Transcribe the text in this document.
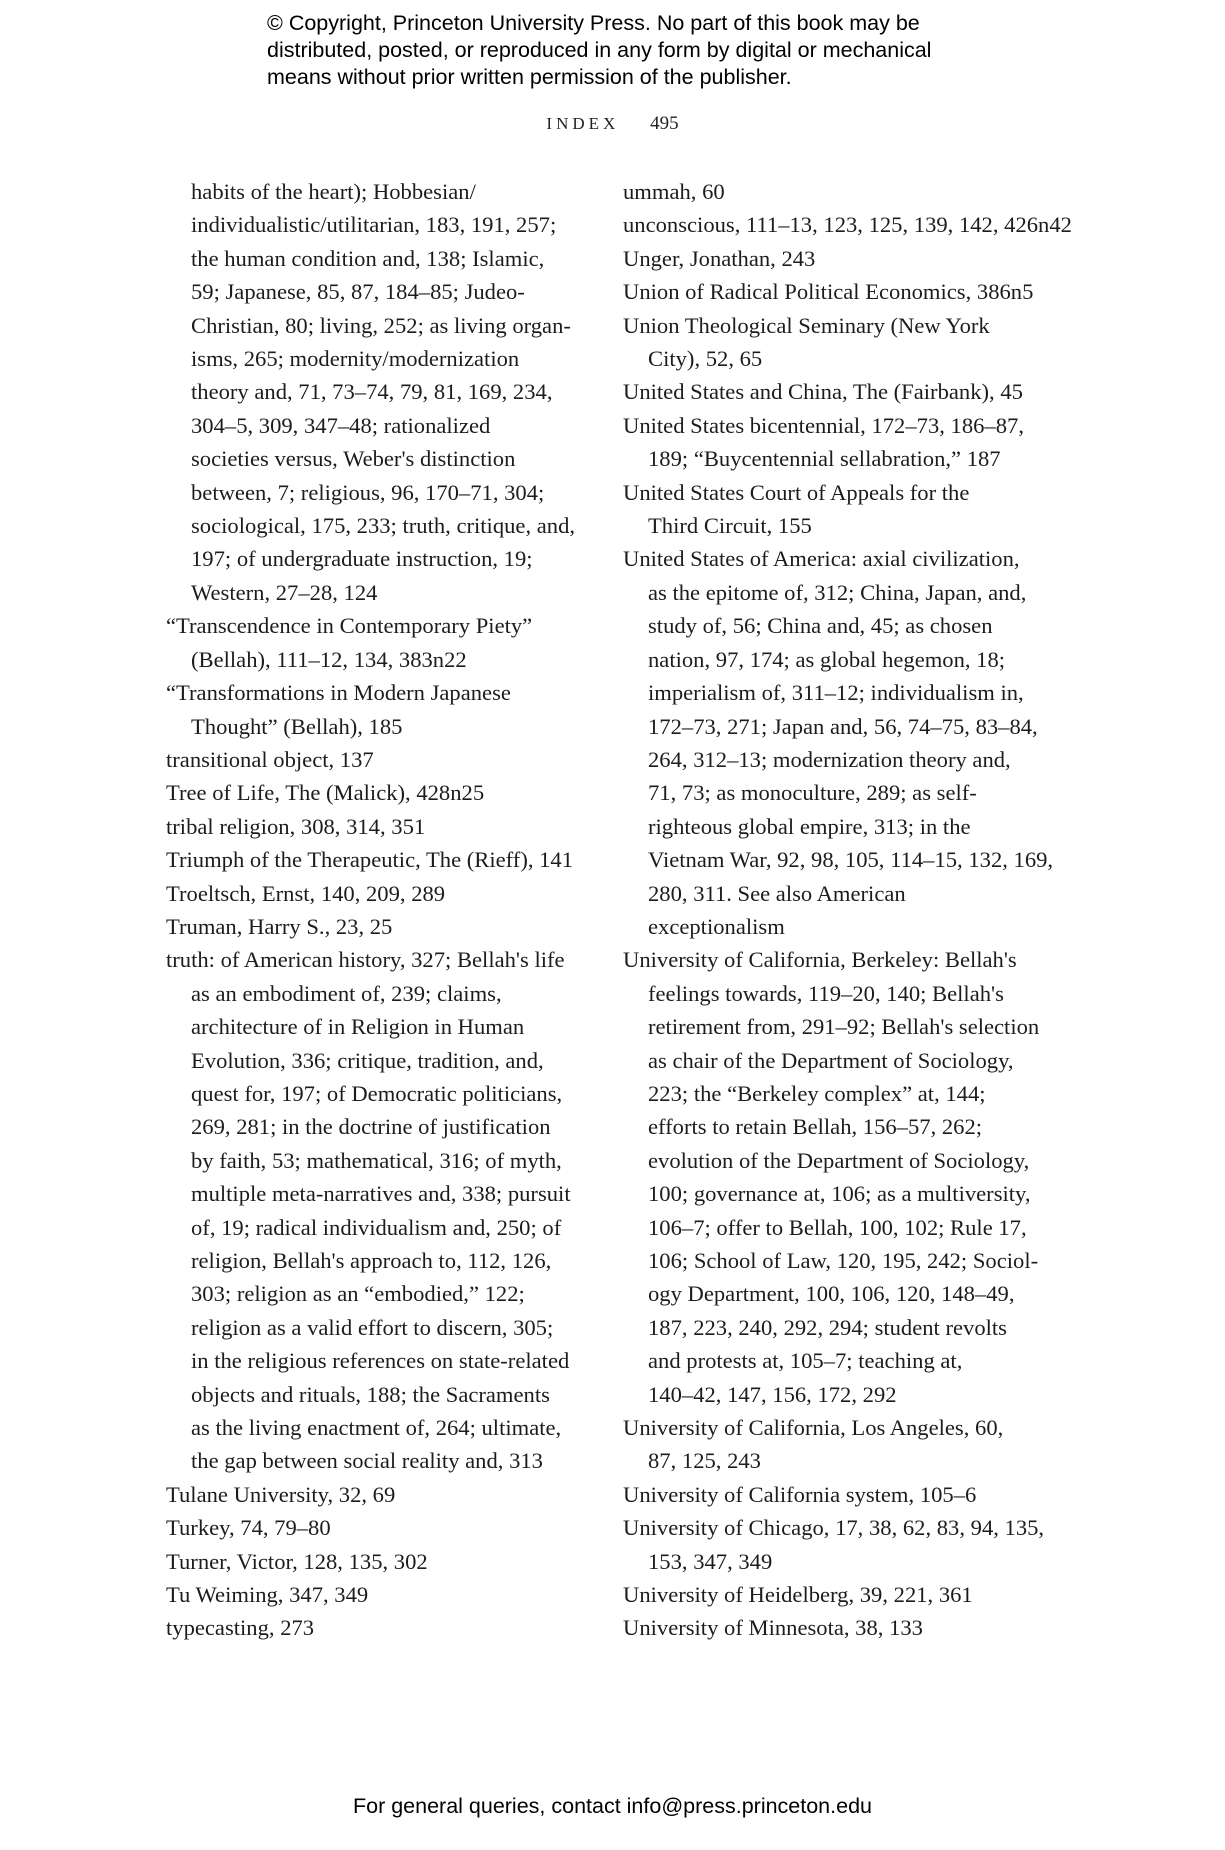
© Copyright, Princeton University Press. No part of this book may be
distributed, posted, or reproduced in any form by digital or mechanical
means without prior written permission of the publisher.
INDEX 495
habits of the heart); Hobbesian/
individualistic/utilitarian, 183, 191, 257;
the human condition and, 138; Islamic,
59; Japanese, 85, 87, 184–85; Judeo-
Christian, 80; living, 252; as living organ-
isms, 265; modernity/modernization
theory and, 71, 73–74, 79, 81, 169, 234,
304–5, 309, 347–48; rationalized
societies versus, Weber's distinction
between, 7; religious, 96, 170–71, 304;
sociological, 175, 233; truth, critique, and,
197; of undergraduate instruction, 19;
Western, 27–28, 124
“Transcendence in Contemporary Piety”
(Bellah), 111–12, 134, 383n22
“Transformations in Modern Japanese
Thought” (Bellah), 185
transitional object, 137
Tree of Life, The (Malick), 428n25
tribal religion, 308, 314, 351
Triumph of the Therapeutic, The (Rieff), 141
Troeltsch, Ernst, 140, 209, 289
Truman, Harry S., 23, 25
truth: of American history, 327; Bellah's life
as an embodiment of, 239; claims,
architecture of in Religion in Human
Evolution, 336; critique, tradition, and,
quest for, 197; of Democratic politicians,
269, 281; in the doctrine of justification
by faith, 53; mathematical, 316; of myth,
multiple meta-narratives and, 338; pursuit
of, 19; radical individualism and, 250; of
religion, Bellah's approach to, 112, 126,
303; religion as an “embodied,” 122;
religion as a valid effort to discern, 305;
in the religious references on state-related
objects and rituals, 188; the Sacraments
as the living enactment of, 264; ultimate,
the gap between social reality and, 313
Tulane University, 32, 69
Turkey, 74, 79–80
Turner, Victor, 128, 135, 302
Tu Weiming, 347, 349
typecasting, 273
ummah, 60
unconscious, 111–13, 123, 125, 139, 142, 426n42
Unger, Jonathan, 243
Union of Radical Political Economics, 386n5
Union Theological Seminary (New York
City), 52, 65
United States and China, The (Fairbank), 45
United States bicentennial, 172–73, 186–87,
189; “Buycentennial sellabration,” 187
United States Court of Appeals for the
Third Circuit, 155
United States of America: axial civilization,
as the epitome of, 312; China, Japan, and,
study of, 56; China and, 45; as chosen
nation, 97, 174; as global hegemon, 18;
imperialism of, 311–12; individualism in,
172–73, 271; Japan and, 56, 74–75, 83–84,
264, 312–13; modernization theory and,
71, 73; as monoculture, 289; as self-
righteous global empire, 313; in the
Vietnam War, 92, 98, 105, 114–15, 132, 169,
280, 311. See also American
exceptionalism
University of California, Berkeley: Bellah's
feelings towards, 119–20, 140; Bellah's
retirement from, 291–92; Bellah's selection
as chair of the Department of Sociology,
223; the “Berkeley complex” at, 144;
efforts to retain Bellah, 156–57, 262;
evolution of the Department of Sociology,
100; governance at, 106; as a multiversity,
106–7; offer to Bellah, 100, 102; Rule 17,
106; School of Law, 120, 195, 242; Sociol-
ogy Department, 100, 106, 120, 148–49,
187, 223, 240, 292, 294; student revolts
and protests at, 105–7; teaching at,
140–42, 147, 156, 172, 292
University of California, Los Angeles, 60,
87, 125, 243
University of California system, 105–6
University of Chicago, 17, 38, 62, 83, 94, 135,
153, 347, 349
University of Heidelberg, 39, 221, 361
University of Minnesota, 38, 133
For general queries, contact info@press.princeton.edu
